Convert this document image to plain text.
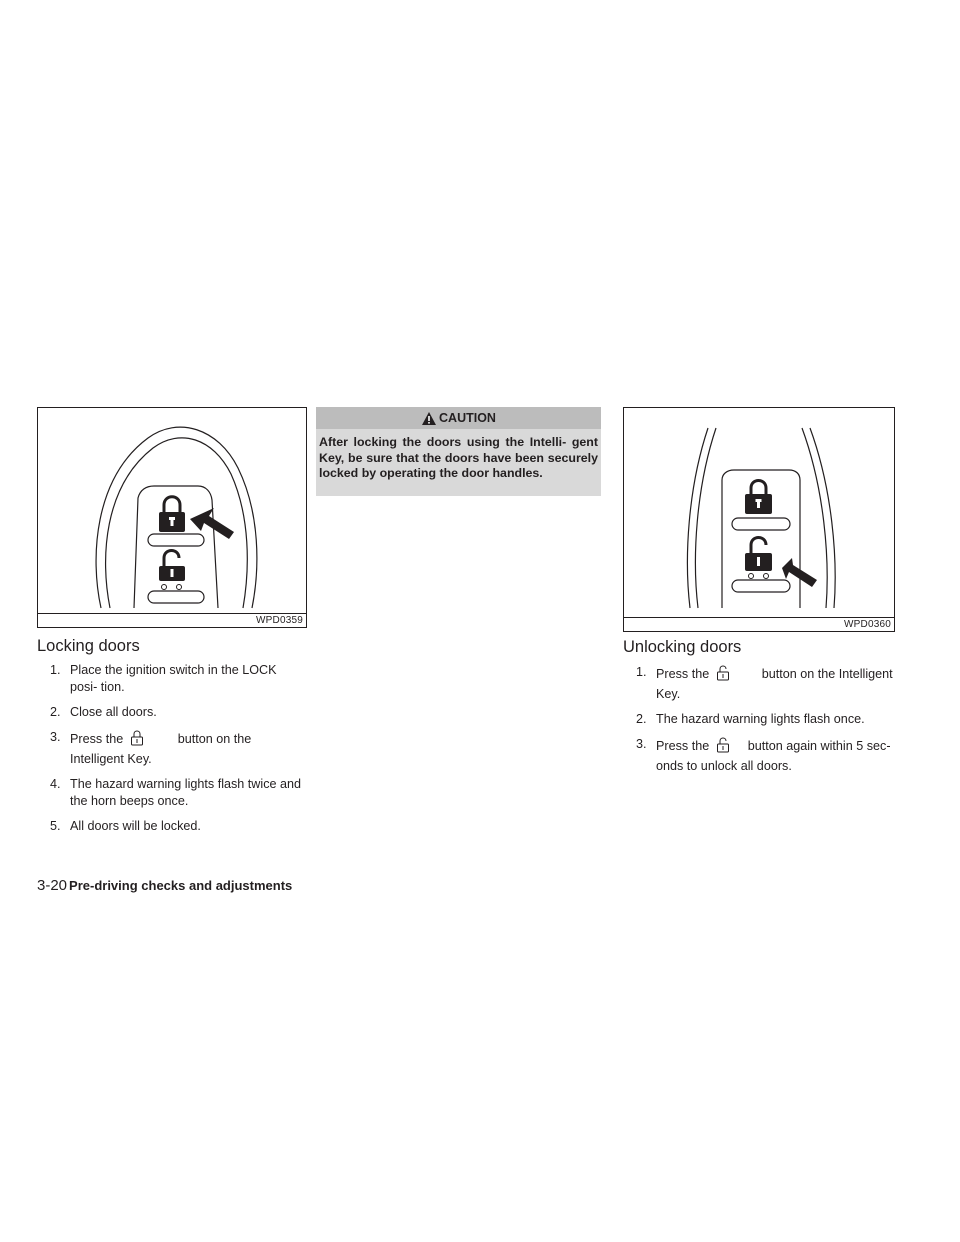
WPD0359
Locking doors
1. Place the ignition switch in the LOCK posi- tion.
2. Close all doors.
3. Press the	button on the Intelligent Key.
4. The hazard warning lights flash twice and the horn beeps once.
5. All doors will be locked.
CAUTION
After locking the doors using the Intelli- gent Key, be sure that the doors have been securely locked by operating the door handles.
WPD0360
Unlocking doors
1. Press the	button on the Intelligent Key.
2. The hazard warning lights flash once.
3. Press the	button again within 5 sec- onds to unlock all doors.
3-20 Pre-driving checks and adjustments
